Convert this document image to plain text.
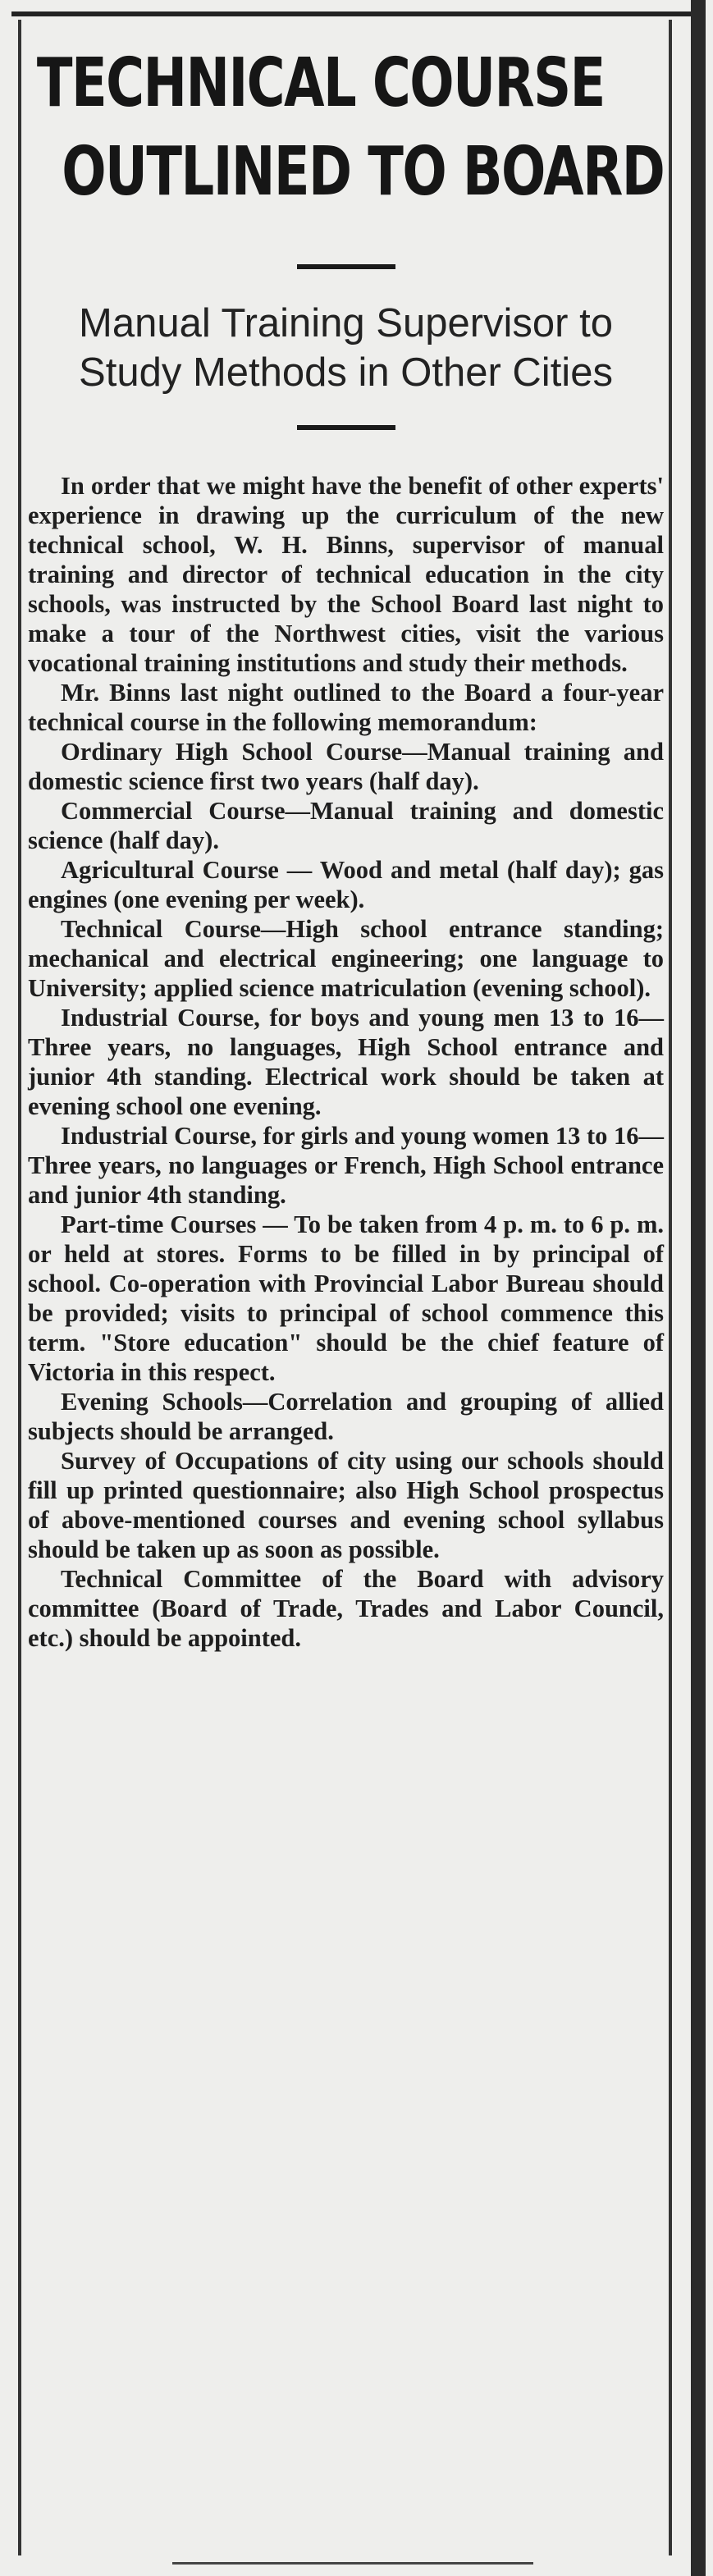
TECHNICAL COURSE
OUTLINED TO BOARD
Manual Training Supervisor to Study Methods in Other Cities

In order that we might have the benefit of other experts' experience in drawing up the curriculum of the new technical school, W. H. Binns, supervisor of manual training and director of technical education in the city schools, was instructed by the School Board last night to make a tour of the Northwest cities, visit the various vocational training institutions and study their methods.

Mr. Binns last night outlined to the Board a four-year technical course in the following memorandum:

Ordinary High School Course—Manual training and domestic science first two years (half day).

Commercial Course—Manual training and domestic science (half day).

Agricultural Course — Wood and metal (half day); gas engines (one evening per week).

Technical Course—High school entrance standing; mechanical and electrical engineering; one language to University; applied science matriculation (evening school).

Industrial Course, for boys and young men 13 to 16—Three years, no languages, High School entrance and junior 4th standing. Electrical work should be taken at evening school one evening.

Industrial Course, for girls and young women 13 to 16—Three years, no languages or French, High School entrance and junior 4th standing.

Part-time Courses — To be taken from 4 p. m. to 6 p. m. or held at stores. Forms to be filled in by principal of school. Co-operation with Provincial Labor Bureau should be provided; visits to principal of school commence this term. "Store education" should be the chief feature of Victoria in this respect.

Evening Schools—Correlation and grouping of allied subjects should be arranged.

Survey of Occupations of city using our schools should fill up printed questionnaire; also High School prospectus of above-mentioned courses and evening school syllabus should be taken up as soon as possible.

Technical Committee of the Board with advisory committee (Board of Trade, Trades and Labor Council, etc.) should be appointed.
